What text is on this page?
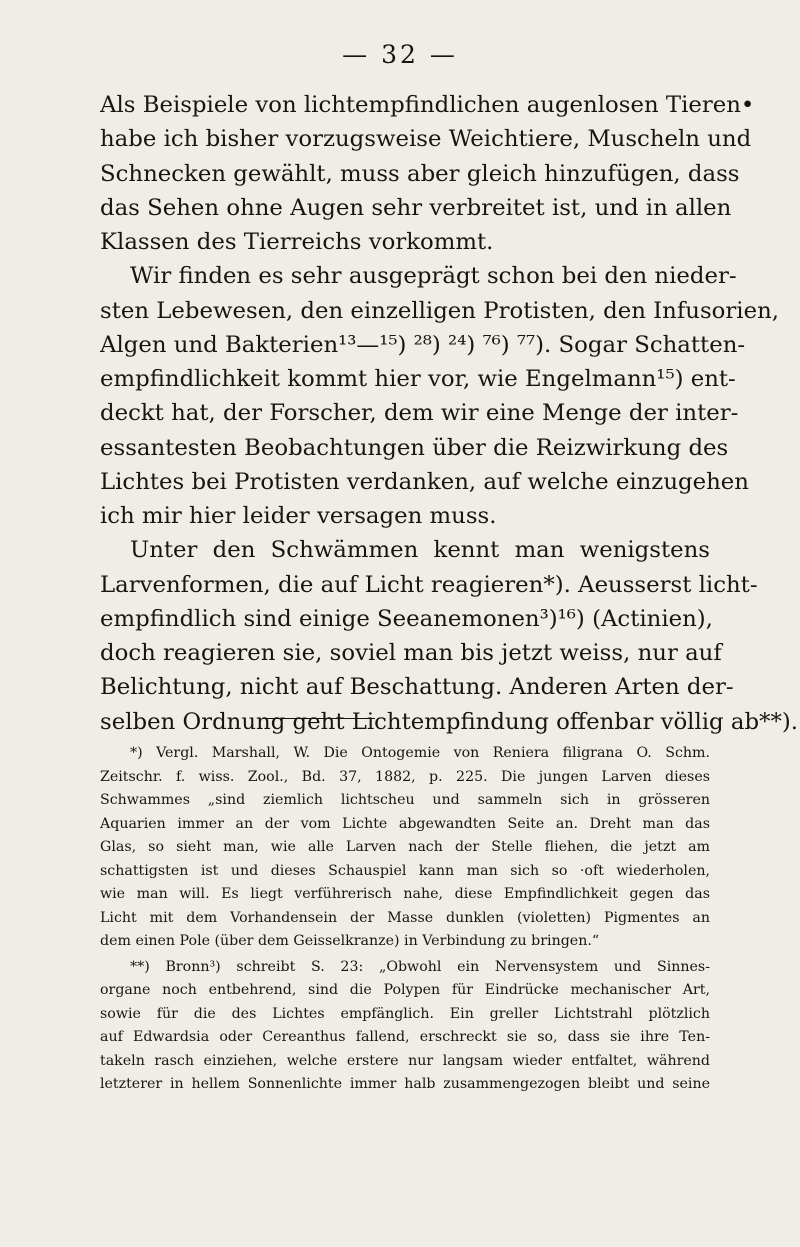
— 32 —
Als Beispiele von lichtempfindlichen augenlosen Tieren•
habe ich bisher vorzugsweise Weichtiere, Muscheln und
Schnecken gewählt, muss aber gleich hinzufügen, dass
das Sehen ohne Augen sehr verbreitet ist, und in allen
Klassen des Tierreichs vorkommt.
Wir finden es sehr ausgeprägt schon bei den nieder-
sten Lebewesen, den einzelligen Protisten, den Infusorien,
Algen und Bakterien¹³—¹⁵) ²⁸) ²⁴) ⁷⁶) ⁷⁷). Sogar Schatten-
empfindlichkeit kommt hier vor, wie Engelmann¹⁵) ent-
deckt hat, der Forscher, dem wir eine Menge der inter-
essantesten Beobachtungen über die Reizwirkung des
Lichtes bei Protisten verdanken, auf welche einzugehen
ich mir hier leider versagen muss.
Unter den Schwämmen kennt man wenigstens
Larvenformen, die auf Licht reagieren*). Aeusserst licht-
empfindlich sind einige Seeanemonen³)¹⁶) (Actinien),
doch reagieren sie, soviel man bis jetzt weiss, nur auf
Belichtung, nicht auf Beschattung. Anderen Arten der-
selben Ordnung geht Lichtempfindung offenbar völlig ab**).
*) Vergl. Marshall, W. Die Ontogemie von Reniera filigrana O. Schm.
Zeitschr. f. wiss. Zool., Bd. 37, 1882, p. 225. Die jungen Larven dieses
Schwammes „sind ziemlich lichtscheu und sammeln sich in grösseren
Aquarien immer an der vom Lichte abgewandten Seite an. Dreht man das
Glas, so sieht man, wie alle Larven nach der Stelle fliehen, die jetzt am
schattigsten ist und dieses Schauspiel kann man sich so ·oft wiederholen,
wie man will. Es liegt verführerisch nahe, diese Empfindlichkeit gegen das
Licht mit dem Vorhandensein der Masse dunklen (violetten) Pigmentes an
dem einen Pole (über dem Geisselkranze) in Verbindung zu bringen.“
**) Bronn³) schreibt S. 23: „Obwohl ein Nervensystem und Sinnes-
organe noch entbehrend, sind die Polypen für Eindrücke mechanischer Art,
sowie für die des Lichtes empfänglich. Ein greller Lichtstrahl plötzlich
auf Edwardsia oder Cereanthus fallend, erschreckt sie so, dass sie ihre Ten-
takeln rasch einziehen, welche erstere nur langsam wieder entfaltet, während
letzterer in hellem Sonnenlichte immer halb zusammengezogen bleibt und seine
